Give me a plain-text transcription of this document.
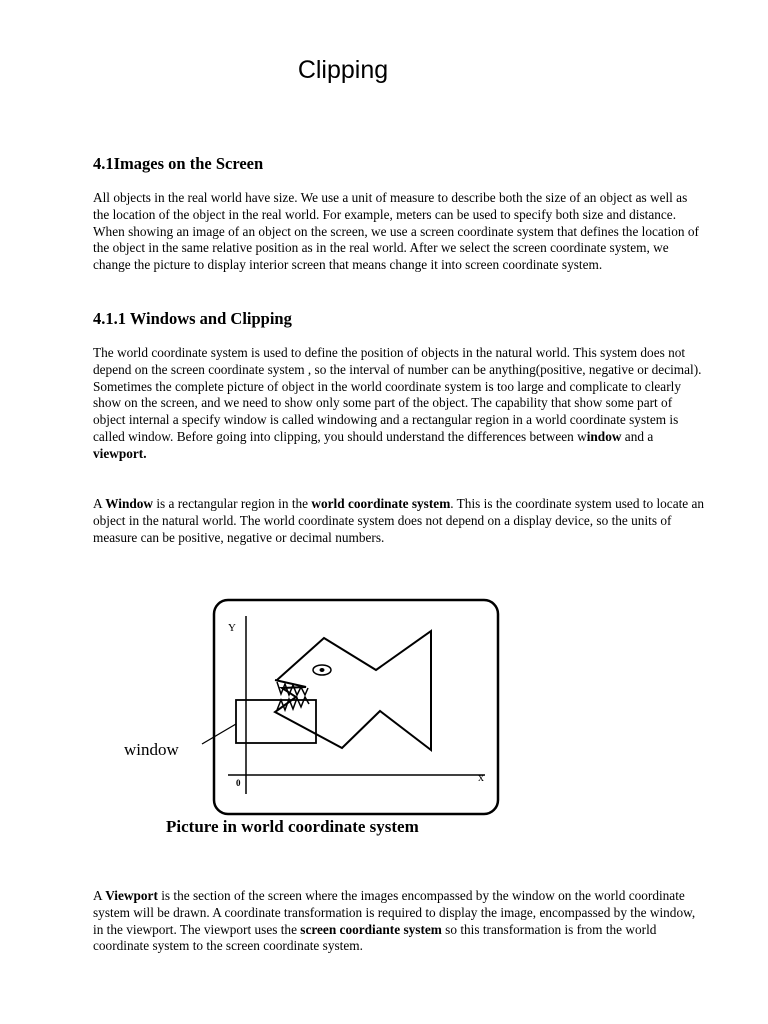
Clipping
4.1Images on the Screen

All objects in the real world have size. We use a unit of measure to describe both the size of an object as well as the location of the object in the real world. For example, meters can be used to specify both size and distance. When showing an image of an object on the screen, we use a screen coordinate system that defines the location of the object in the same relative position as in the real world. After we select the screen coordinate system, we change the picture to display interior screen that means change it into screen coordinate system.

4.1.1 Windows and Clipping

The world coordinate system is used to define the position of objects in the natural world. This system does not depend on the screen coordinate system , so the interval of number can be anything(positive, negative or decimal). Sometimes the complete picture of object in the world coordinate system is too large and complicate to clearly show on the screen, and we need to show only some part of the object. The capability that show some part of object internal a specify window is called windowing and a rectangular region in a world coordinate system is called window. Before going into clipping, you should understand the differences between window and a viewport.

A Window is a rectangular region in the world coordinate system. This is the coordinate system used to locate an object in the natural world. The world coordinate system does not depend on a display device, so the units of measure can be positive, negative or decimal numbers.

Y
x
0
window
Picture in world coordinate system

A Viewport is the section of the screen where the images encompassed by the window on the world coordinate system will be drawn. A coordinate transformation is required to display the image, encompassed by the window, in the viewport. The viewport uses the screen coordiante system so this transformation is from the world coordinate system to the screen coordinate system.
